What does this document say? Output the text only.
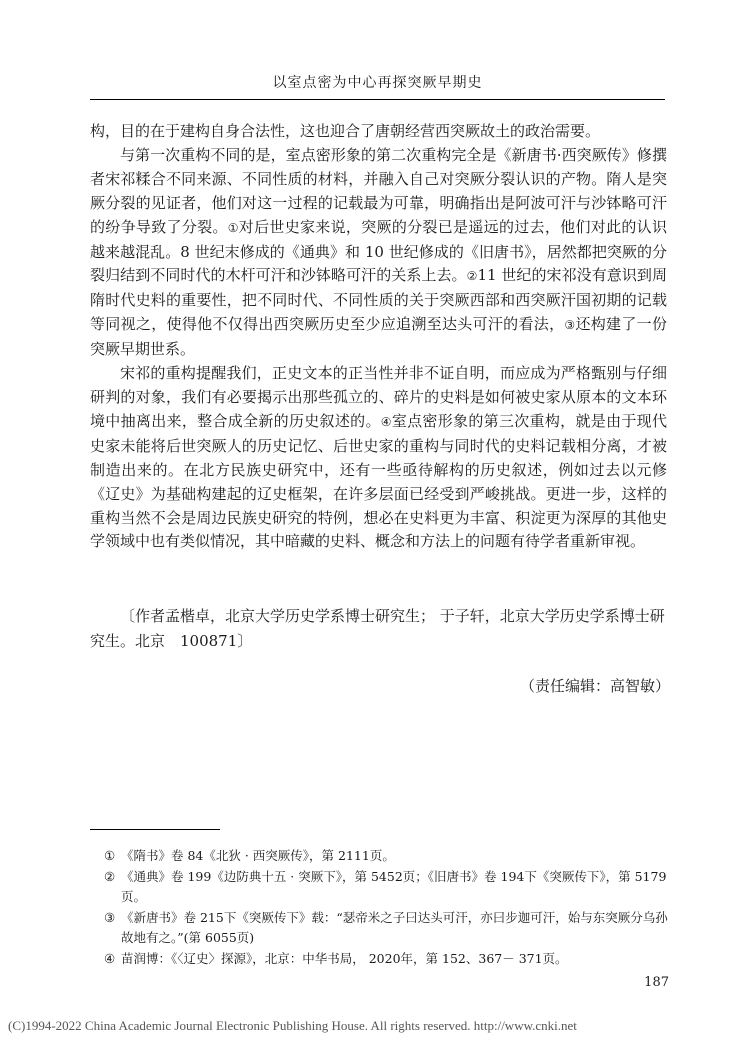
以室点密为中心再探突厥早期史

构，目的在于建构自身合法性，这也迎合了唐朝经营西突厥故土的政治需要。

与第一次重构不同的是，室点密形象的第二次重构完全是《新唐书·西突厥传》修撰者宋祁糅合不同来源、不同性质的材料，并融入自己对突厥分裂认识的产物。隋人是突厥分裂的见证者，他们对这一过程的记载最为可靠，明确指出是阿波可汗与沙钵略可汗的纷争导致了分裂。①对后世史家来说，突厥的分裂已是遥远的过去，他们对此的认识越来越混乱。8 世纪末修成的《通典》和 10 世纪修成的《旧唐书》，居然都把突厥的分裂归结到不同时代的木杆可汗和沙钵略可汗的关系上去。②11 世纪的宋祁没有意识到周隋时代史料的重要性，把不同时代、不同性质的关于突厥西部和西突厥汗国初期的记载等同视之，使得他不仅得出西突厥历史至少应追溯至达头可汗的看法，③还构建了一份突厥早期世系。

宋祁的重构提醒我们，正史文本的正当性并非不证自明，而应成为严格甄别与仔细研判的对象，我们有必要揭示出那些孤立的、碎片的史料是如何被史家从原本的文本环境中抽离出来，整合成全新的历史叙述的。④室点密形象的第三次重构，就是由于现代史家未能将后世突厥人的历史记忆、后世史家的重构与同时代的史料记载相分离，才被制造出来的。在北方民族史研究中，还有一些亟待解构的历史叙述，例如过去以元修《辽史》为基础构建起的辽史框架，在许多层面已经受到严峻挑战。更进一步，这样的重构当然不会是周边民族史研究的特例，想必在史料更为丰富、积淀更为深厚的其他史学领域中也有类似情况，其中暗藏的史料、概念和方法上的问题有待学者重新审视。

〔作者孟楷卓，北京大学历史学系博士研究生； 于子轩，北京大学历史学系博士研究生。北京　100871〕

（责任编辑：高智敏）

① 《隋书》卷 84《北狄 · 西突厥传》，第 2111页。

② 《通典》卷 199《边防典十五 · 突厥下》，第 5452页；《旧唐书》卷 194下《突厥传下》，第 5179页。

③ 《新唐书》卷 215下《突厥传下》载：“瑟帝米之子曰达头可汗，亦曰步迦可汗，始与东突厥分乌孙故地有之。”(第 6055页)

④ 苗润博：《〈辽史〉探源》，北京：中华书局， 2020年，第 152、367－ 371页。

187
(C)1994-2022 China Academic Journal Electronic Publishing House. All rights reserved. http://www.cnki.net
